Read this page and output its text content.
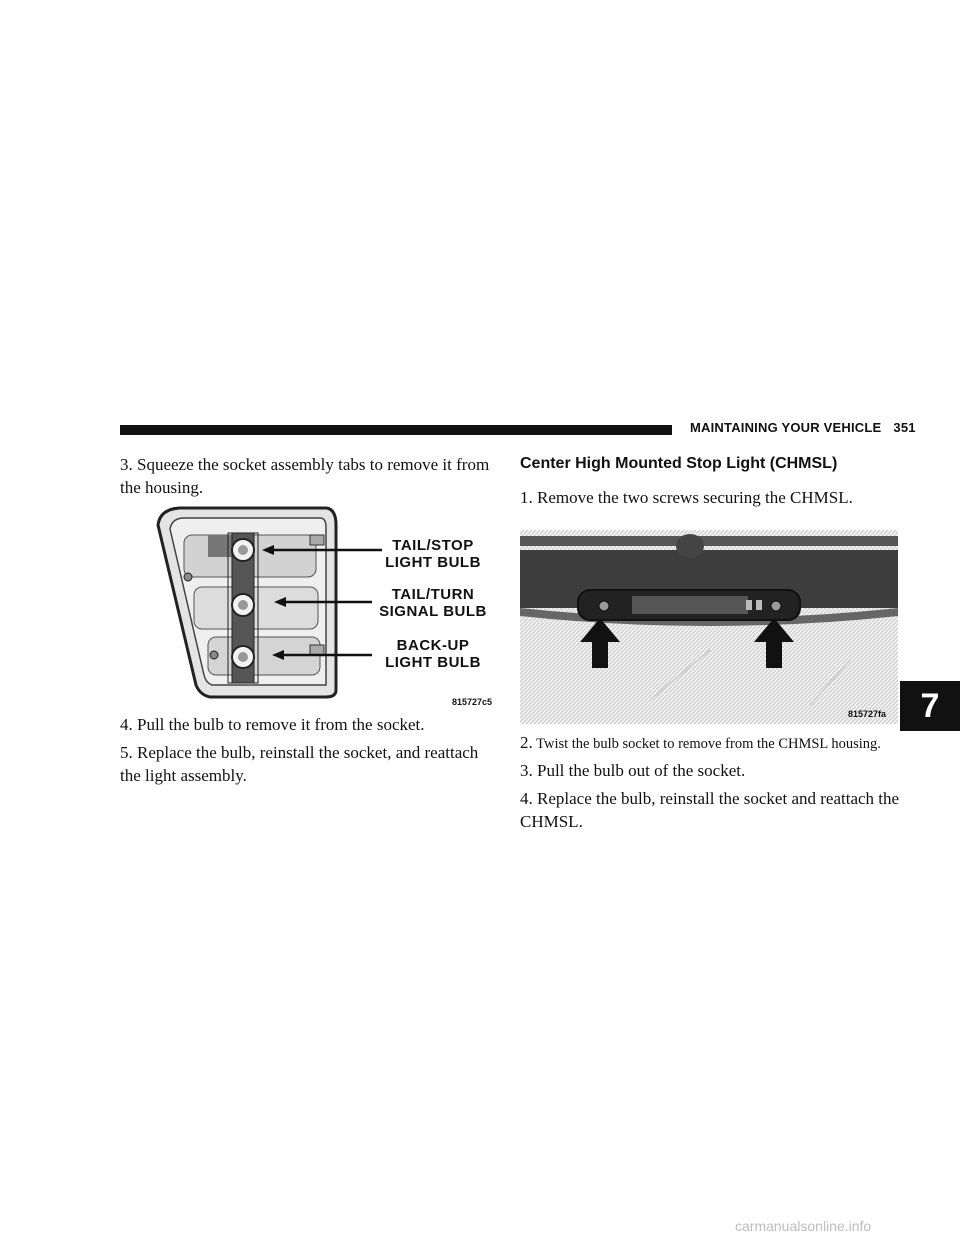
MAINTAINING YOUR VEHICLE 351
3. Squeeze the socket assembly tabs to remove it from the housing.
TAIL/STOP
LIGHT BULB
TAIL/TURN
SIGNAL BULB
BACK-UP
LIGHT BULB
815727c5
4. Pull the bulb to remove it from the socket.
5. Replace the bulb, reinstall the socket, and reattach the light assembly.
Center High Mounted Stop Light (CHMSL)
1. Remove the two screws securing the CHMSL.
815727fa
2. Twist the bulb socket to remove from the CHMSL housing.
3. Pull the bulb out of the socket.
4. Replace the bulb, reinstall the socket and reattach the CHMSL.
7
carmanualsonline.info
